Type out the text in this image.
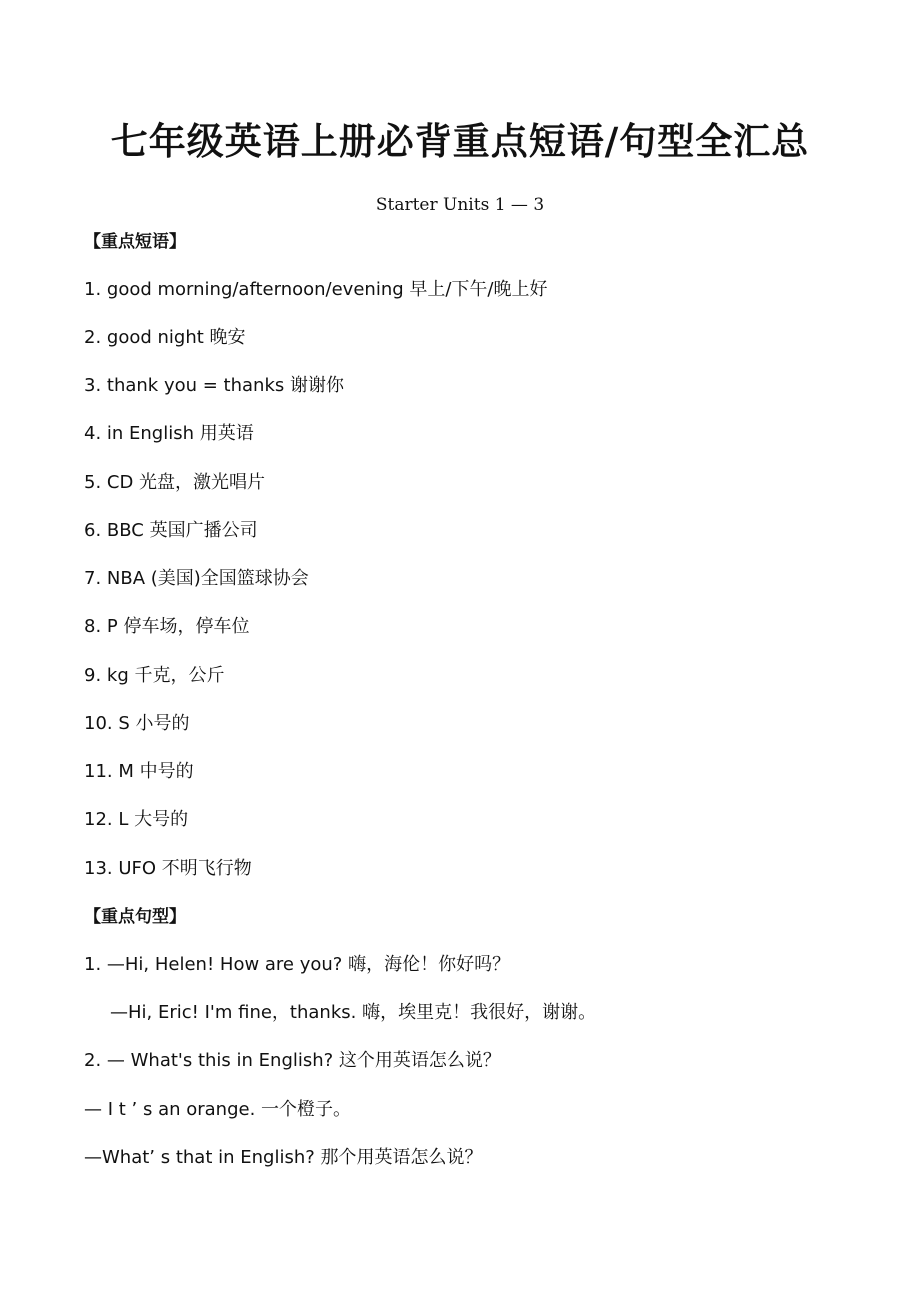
七年级英语上册必背重点短语/句型全汇总
Starter Units 1 — 3
【重点短语】
1. good morning/afternoon/evening 早上/下午/晚上好
2. good night 晚安
3. thank you = thanks 谢谢你
4. in English 用英语
5. CD 光盘，激光唱片
6. BBC 英国广播公司
7. NBA (美国)全国篮球协会
8. P 停车场，停车位
9. kg 千克，公斤
10. S 小号的
11. M 中号的
12. L 大号的
13. UFO 不明飞行物
【重点句型】
1. —Hi, Helen! How are you? 嗨，海伦！你好吗？
—Hi, Eric! I'm fine，thanks. 嗨，埃里克！我很好，谢谢。
2. — What's this in English? 这个用英语怎么说？
— I t ’ s an orange. 一个橙子。
—What’ s that in English? 那个用英语怎么说？
